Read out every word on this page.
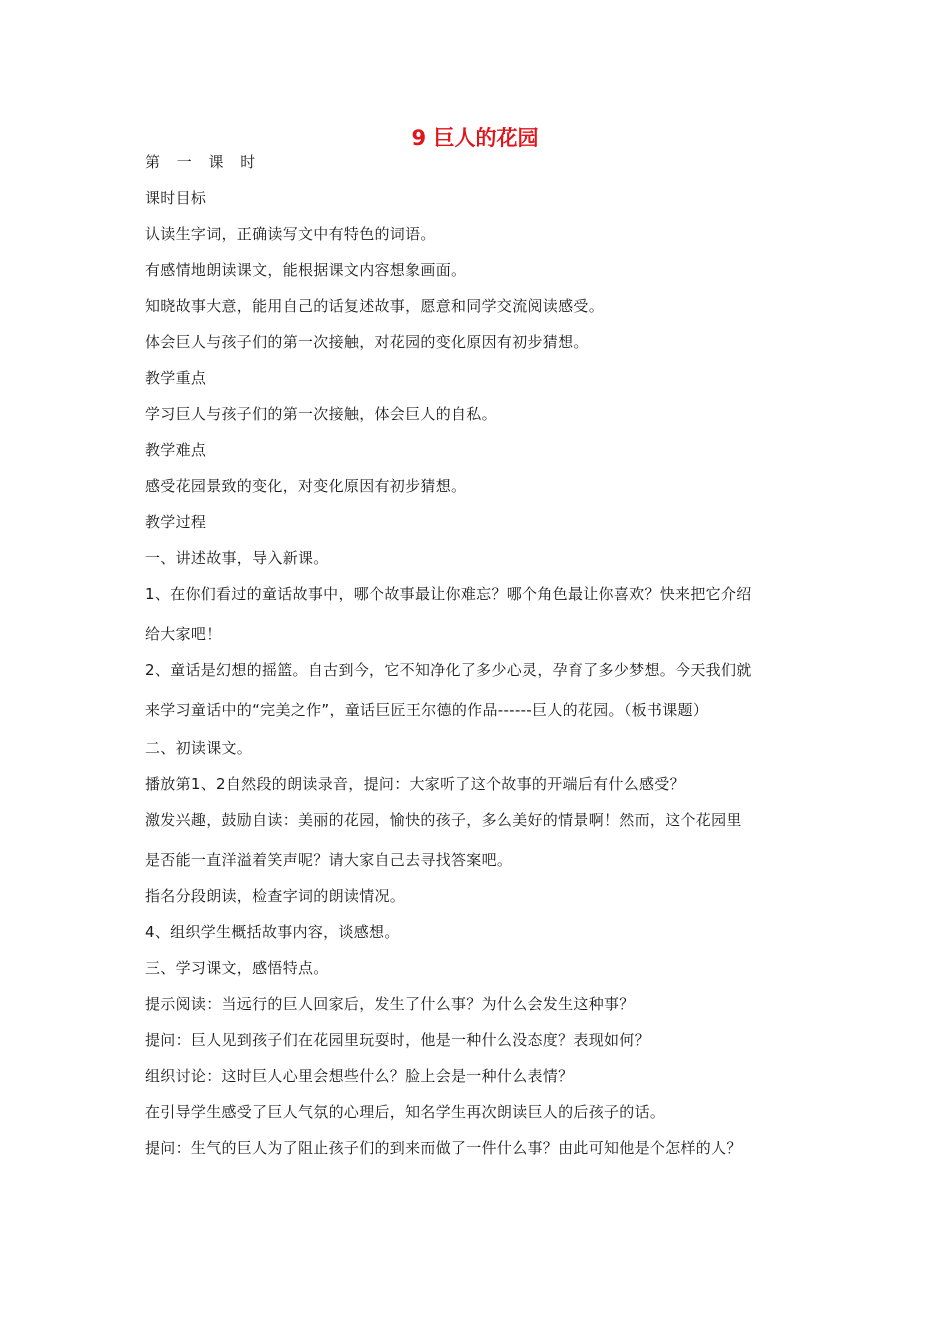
9 巨人的花园
第 一 课 时
课时目标
认读生字词，正确读写文中有特色的词语。
有感情地朗读课文，能根据课文内容想象画面。
知晓故事大意，能用自己的话复述故事，愿意和同学交流阅读感受。
体会巨人与孩子们的第一次接触，对花园的变化原因有初步猜想。
教学重点
学习巨人与孩子们的第一次接触，体会巨人的自私。
教学难点
感受花园景致的变化，对变化原因有初步猜想。
教学过程
一、讲述故事，导入新课。
1、在你们看过的童话故事中，哪个故事最让你难忘？哪个角色最让你喜欢？快来把它介绍
给大家吧！
2、童话是幻想的摇篮。自古到今，它不知净化了多少心灵，孕育了多少梦想。今天我们就
来学习童话中的“完美之作”，童话巨匠王尔德的作品------巨人的花园。（板书课题）
二、初读课文。
播放第1、2自然段的朗读录音，提问：大家听了这个故事的开端后有什么感受？
激发兴趣，鼓励自读：美丽的花园，愉快的孩子，多么美好的情景啊！然而，这个花园里
是否能一直洋溢着笑声呢？请大家自己去寻找答案吧。
指名分段朗读，检查字词的朗读情况。
4、组织学生概括故事内容，谈感想。
三、学习课文，感悟特点。
提示阅读：当远行的巨人回家后，发生了什么事？为什么会发生这种事？
提问：巨人见到孩子们在花园里玩耍时，他是一种什么没态度？表现如何？
组织讨论：这时巨人心里会想些什么？脸上会是一种什么表情？
在引导学生感受了巨人气氛的心理后，知名学生再次朗读巨人的后孩子的话。
提问：生气的巨人为了阻止孩子们的到来而做了一件什么事？由此可知他是个怎样的人？
